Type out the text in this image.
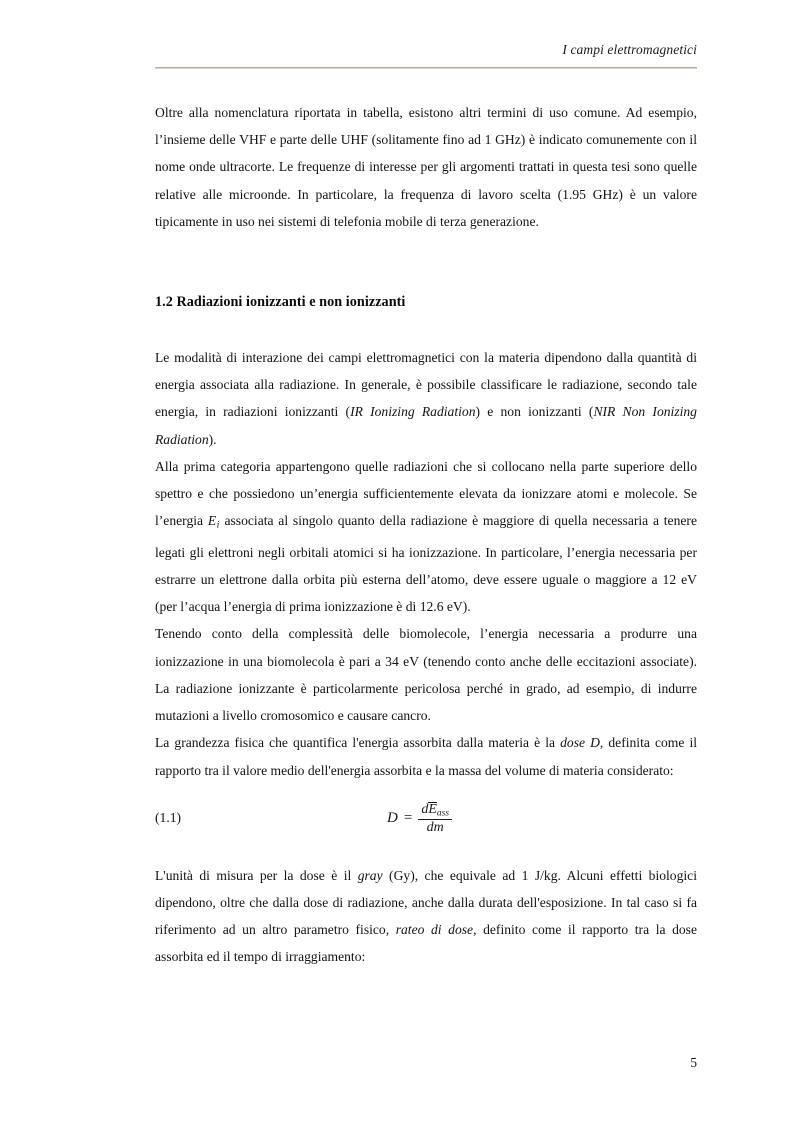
I campi elettromagnetici

Oltre alla nomenclatura riportata in tabella, esistono altri termini di uso comune. Ad esempio, l’insieme delle VHF e parte delle UHF (solitamente fino ad 1 GHz) è indicato comunemente con il nome onde ultracorte. Le frequenze di interesse per gli argomenti trattati in questa tesi sono quelle relative alle microonde. In particolare, la frequenza di lavoro scelta (1.95 GHz) è un valore tipicamente in uso nei sistemi di telefonia mobile di terza generazione.

1.2 Radiazioni ionizzanti e non ionizzanti

Le modalità di interazione dei campi elettromagnetici con la materia dipendono dalla quantità di energia associata alla radiazione. In generale, è possibile classificare le radiazione, secondo tale energia, in radiazioni ionizzanti (IR Ionizing Radiation) e non ionizzanti (NIR Non Ionizing Radiation).

Alla prima categoria appartengono quelle radiazioni che si collocano nella parte superiore dello spettro e che possiedono un’energia sufficientemente elevata da ionizzare atomi e molecole. Se l’energia $E_i$ associata al singolo quanto della radiazione è maggiore di quella necessaria a tenere legati gli elettroni negli orbitali atomici si ha ionizzazione. In particolare, l’energia necessaria per estrarre un elettrone dalla orbita più esterna dell’atomo, deve essere uguale o maggiore a 12 eV (per l’acqua l’energia di prima ionizzazione è di 12.6 eV).

Tenendo conto della complessità delle biomolecole, l’energia necessaria a produrre una ionizzazione in una biomolecola è pari a 34 eV (tenendo conto anche delle eccitazioni associate). La radiazione ionizzante è particolarmente pericolosa perché in grado, ad esempio, di indurre mutazioni a livello cromosomico e causare cancro.

La grandezza fisica che quantifica l'energia assorbita dalla materia è la dose D, definita come il rapporto tra il valore medio dell'energia assorbita e la massa del volume di materia considerato:

(1.1)	$D = \frac{\text{dEass}}{dm}$

L'unità di misura per la dose è il gray (Gy), che equivale ad 1 J/kg. Alcuni effetti biologici dipendono, oltre che dalla dose di radiazione, anche dalla durata dell'esposizione. In tal caso si fa riferimento ad un altro parametro fisico, rateo di dose, definito come il rapporto tra la dose assorbita ed il tempo di irraggiamento:

5
